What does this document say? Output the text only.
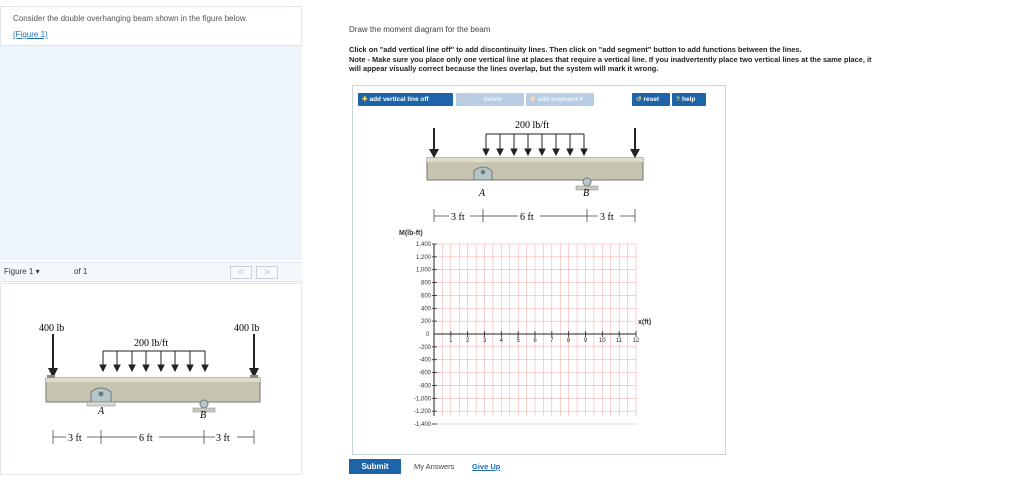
Consider the double overhanging beam shown in the figure below.

(Figure 1)
Figure 1 ▾	of 1	<	>
400 lb	400 lb
200 lb/ft
A	B
3 ft	6 ft	3 ft
Draw the moment diagram for the beam
Click on "add vertical line off" to add discontinuity lines. Then click on "add segment" button to add functions between the lines.
Note - Make sure you place only one vertical line at places that require a vertical line. If you inadvertently place two vertical lines at the same place, it
will appear visually correct because the lines overlap, but the system will mark it wrong.
✚ add vertical line off	✕	delete	✚ add segment ▾	↺ reset	? help
200 lb/ft
A	B
3 ft	6 ft	3 ft
M(lb-ft)
x(ft)
0
1,400
1,200
1,000
800
600
400
200
-200
-400
-600
-800
-1,000
-1,200
-1,400
1 2 3 4 5 6 7 8 9 10 11 12
Submit	My Answers Give Up
